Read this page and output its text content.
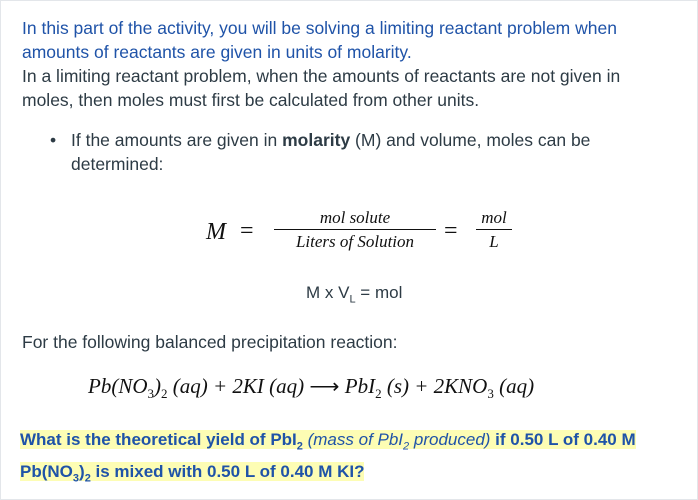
In this part of the activity, you will be solving a limiting reactant problem when
amounts of reactants are given in units of molarity.
In a limiting reactant problem, when the amounts of reactants are not given in
moles, then moles must first be calculated from other units.
• If the amounts are given in molarity (M) and volume, moles can be determined:
M =
mol solute
Liters of Solution	=
mol
L
M x $V_L$ = mol
For the following balanced precipitation reaction:
$Pb(NO_3)_2$ (aq) + 2KI (aq) ⟶ PbI$_2$ $(s) + 2KNO_3$ (aq)
What is the theoretical yield of PbI$_2$ (mass of PbI$_2$ produced) if 0.50 L of 0.40 M
$Pb(NO_3)_2$ is mixed with 0.50 L of 0.40 M KI?
